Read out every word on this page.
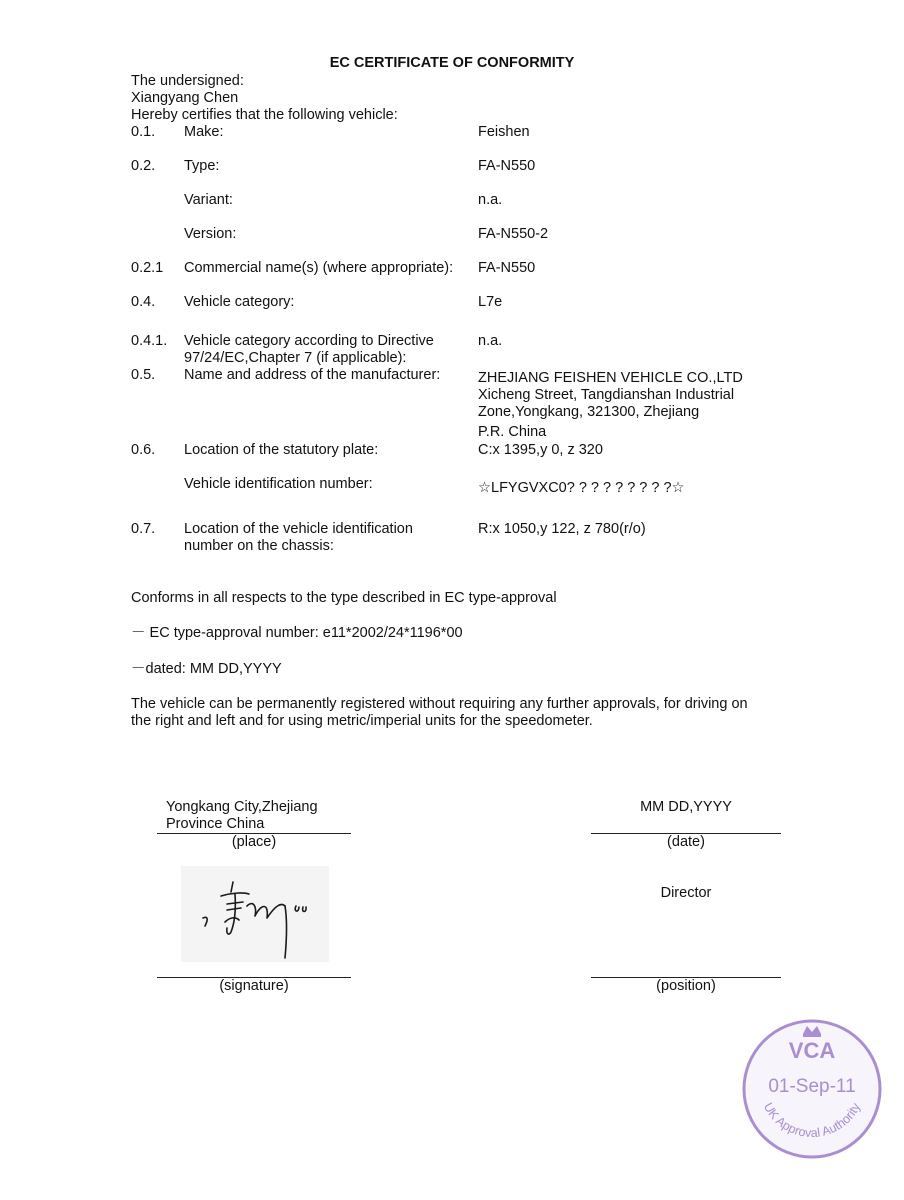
EC CERTIFICATE OF CONFORMITY
The undersigned:
Xiangyang Chen
Hereby certifies that the following vehicle:
0.1. Make:	Feishen
0.2. Type:	FA-N550
Variant:	n.a.
Version:	FA-N550-2
0.2.1 Commercial name(s) (where appropriate): FA-N550
0.4. Vehicle category:	L7e
0.4.1. Vehicle category according to Directive
97/24/EC,Chapter 7 (if applicable):
n.a.
0.5. Name and address of the manufacturer:	ZHEJIANG FEISHEN VEHICLE CO.,LTD
Xicheng Street, Tangdianshan Industrial
Zone,Yongkang, 321300, Zhejiang
P.R. China
0.6. Location of the statutory plate:	C:x 1395,y 0, z 320
Vehicle identification number:	☆LFYGVXC0? ? ? ? ? ? ? ? ?☆
0.7. Location of the vehicle identification
number on the chassis:
R:x 1050,y 122, z 780(r/o)
Conforms in all respects to the type described in EC type-approval
－ EC type-approval number: e11*2002/24*1196*00
－dated: MM DD,YYYY
The vehicle can be permanently registered without requiring any further approvals, for driving on
the right and left and for using metric/imperial units for the speedometer.
Yongkang City,Zhejiang
Province China
(place)
MM DD,YYYY
(date)
(signature)
Director
(position)
VCA
01-Sep-11
UK Approval Authority
